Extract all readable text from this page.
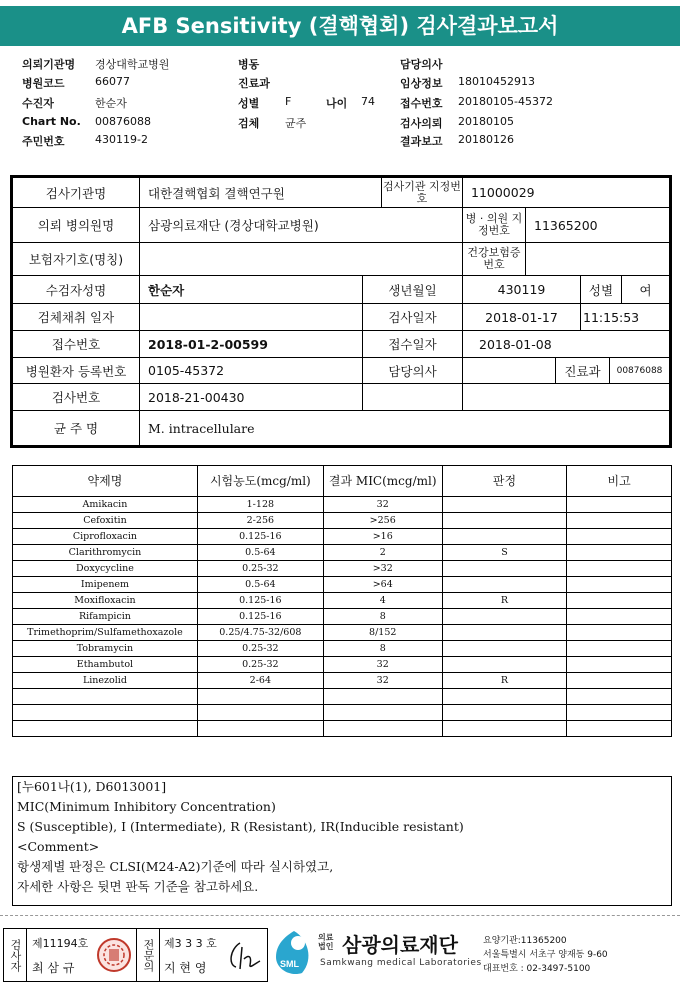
AFB Sensitivity (결핵협회) 검사결과보고서
의뢰기관명 경상대학교병원
병원코드	66077
수진자	한순자
Chart No. 00876088
주민번호	430119-2
병동
진료과
성별 F	나이 74
검체 균주
담당의사
임상정보 18010452913
접수번호 20180105-45372
검사의뢰 20180105
결과보고 20180126
검사기관명	대한결핵협회 결핵연구원	검사기관 지정번호	11000029
의뢰 병의원명	삼광의료재단 (경상대학교병원)	병 · 의원 지정번호	11365200
보험자기호(명칭)	건강보험증 번호
수검자성명	한순자	생년월일	430119	성별	여
검체채취 일자	검사일자	2018-01-17	11:15:53
접수번호	2018-01-2-00599	접수일자	2018-01-08
병원환자 등록번호	0105-45372	담당의사	진료과	00876088
검사번호	2018-21-00430
균 주 명	M. intracellulare
약제명	시험농도(mcg/ml)	결과 MIC(mcg/ml)	판정	비고
Amikacin	1-128	32		
Cefoxitin	2-256	>256		
Ciprofloxacin	0.125-16	>16		
Clarithromycin	0.5-64	2	S	
Doxycycline	0.25-32	>32		
Imipenem	0.5-64	>64		
Moxifloxacin	0.125-16	4	R	
Rifampicin	0.125-16	8		
Trimethoprim/Sulfamethoxazole	0.25/4.75-32/608	8/152		
Tobramycin	0.25-32	8		
Ethambutol	0.25-32	32		
Linezolid	2-64	32	R	

[누601나(1), D6013001]
MIC(Minimum Inhibitory Concentration)
S (Susceptible), I (Intermediate), R (Resistant), IR(Inducible resistant)
<Comment>
항생제별 판정은 CLSI(M24-A2)기준에 따라 실시하였고,
자세한 사항은 뒷면 판독 기준을 참고하세요.
검사자 제11194호
최 삼 규	전문의 제3 3 3 호
지 현 영	SML
의료법인 삼광의료재단
Samkwang medical Laboratories
요양기관:11365200
서울특별시 서초구 양재동 9-60
대표번호 : 02-3497-5100
